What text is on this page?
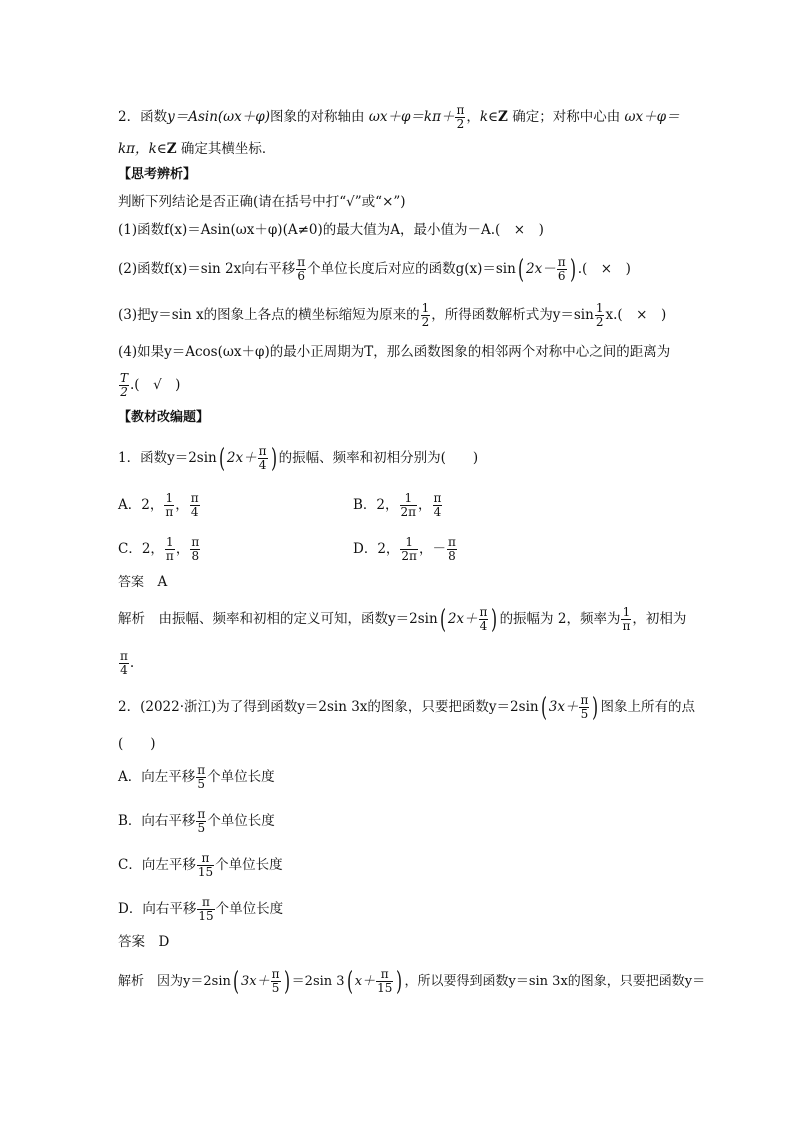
2．函数y＝Asin(ωx＋φ)图象的对称轴由 $\omega x+\varphi=k\pi+ \frac{\pi}{2}$ ，k∈Z 确定；对称中心由 ωx＋φ＝
kπ，k∈Z 确定其横坐标．
【思考辨析】
判断下列结论是否正确(请在括号中打“√”或“×”)
(1)函数f(x)＝Asin(ωx＋φ)(A≠0)的最大值为A，最小值为－A.(　×　)
(2)函数f(x)＝sin 2x向右平移 $\frac{\pi}{6}$ 个单位长度后对应的函数g(x)＝sin( $2x- \frac{\pi}{6}$ ) .(　×　)
(3)把y＝sin x的图象上各点的横坐标缩短为原来的 $\frac{1}{2}$ ，所得函数解析式为$y=\sin \frac{1}{2} x$.(　×　)
(4)如果y＝Acos(ωx＋φ)的最小正周期为T，那么函数图象的相邻两个对称中心之间的距离为
$\frac{T}{2}$ .(　√　)
【教材改编题】
1．函数y＝2sin( $2x+ \frac{\pi}{4}$ ) 的振幅、频率和初相分别为(　　)
A．2， $\frac{1}{\pi}$ ， $\frac{\pi}{4}$	B．2， $\frac{1}{2\pi}$ ， $\frac{\pi}{4}$
C．2， $\frac{1}{\pi}$ ， $\frac{\pi}{8}$	D．2， $\frac{1}{2\pi}$ ，－ $\frac{\pi}{8}$
答案　 A
解析　 由振幅、频率和初相的定义可知，函数y＝2sin( $2x+ \frac{\pi}{4}$ ) 的振幅为 2，频率为 $\frac{1}{\pi}$ ，初相为
$\frac{\pi}{4}$ .
2．(2022·浙江)为了得到函数y＝2sin 3x的图象，只要把函数y＝2sin( $3x+ \frac{\pi}{5}$ ) 图象上所有的点
(　　)
A．向左平移 $\frac{\pi}{5}$ 个单位长度
B．向右平移 $\frac{\pi}{5}$ 个单位长度
C．向左平移 $\frac{\pi}{15}$ 个单位长度
D．向右平移 $\frac{\pi}{15}$ 个单位长度
答案　 D
解析　 因为y＝2sin( $3x+ \frac{\pi}{5}$ ) ＝2sin 3( $x+ \frac{\pi}{15}$ ) ，所以要得到函数y＝sin 3x的图象，只要把函数y＝
